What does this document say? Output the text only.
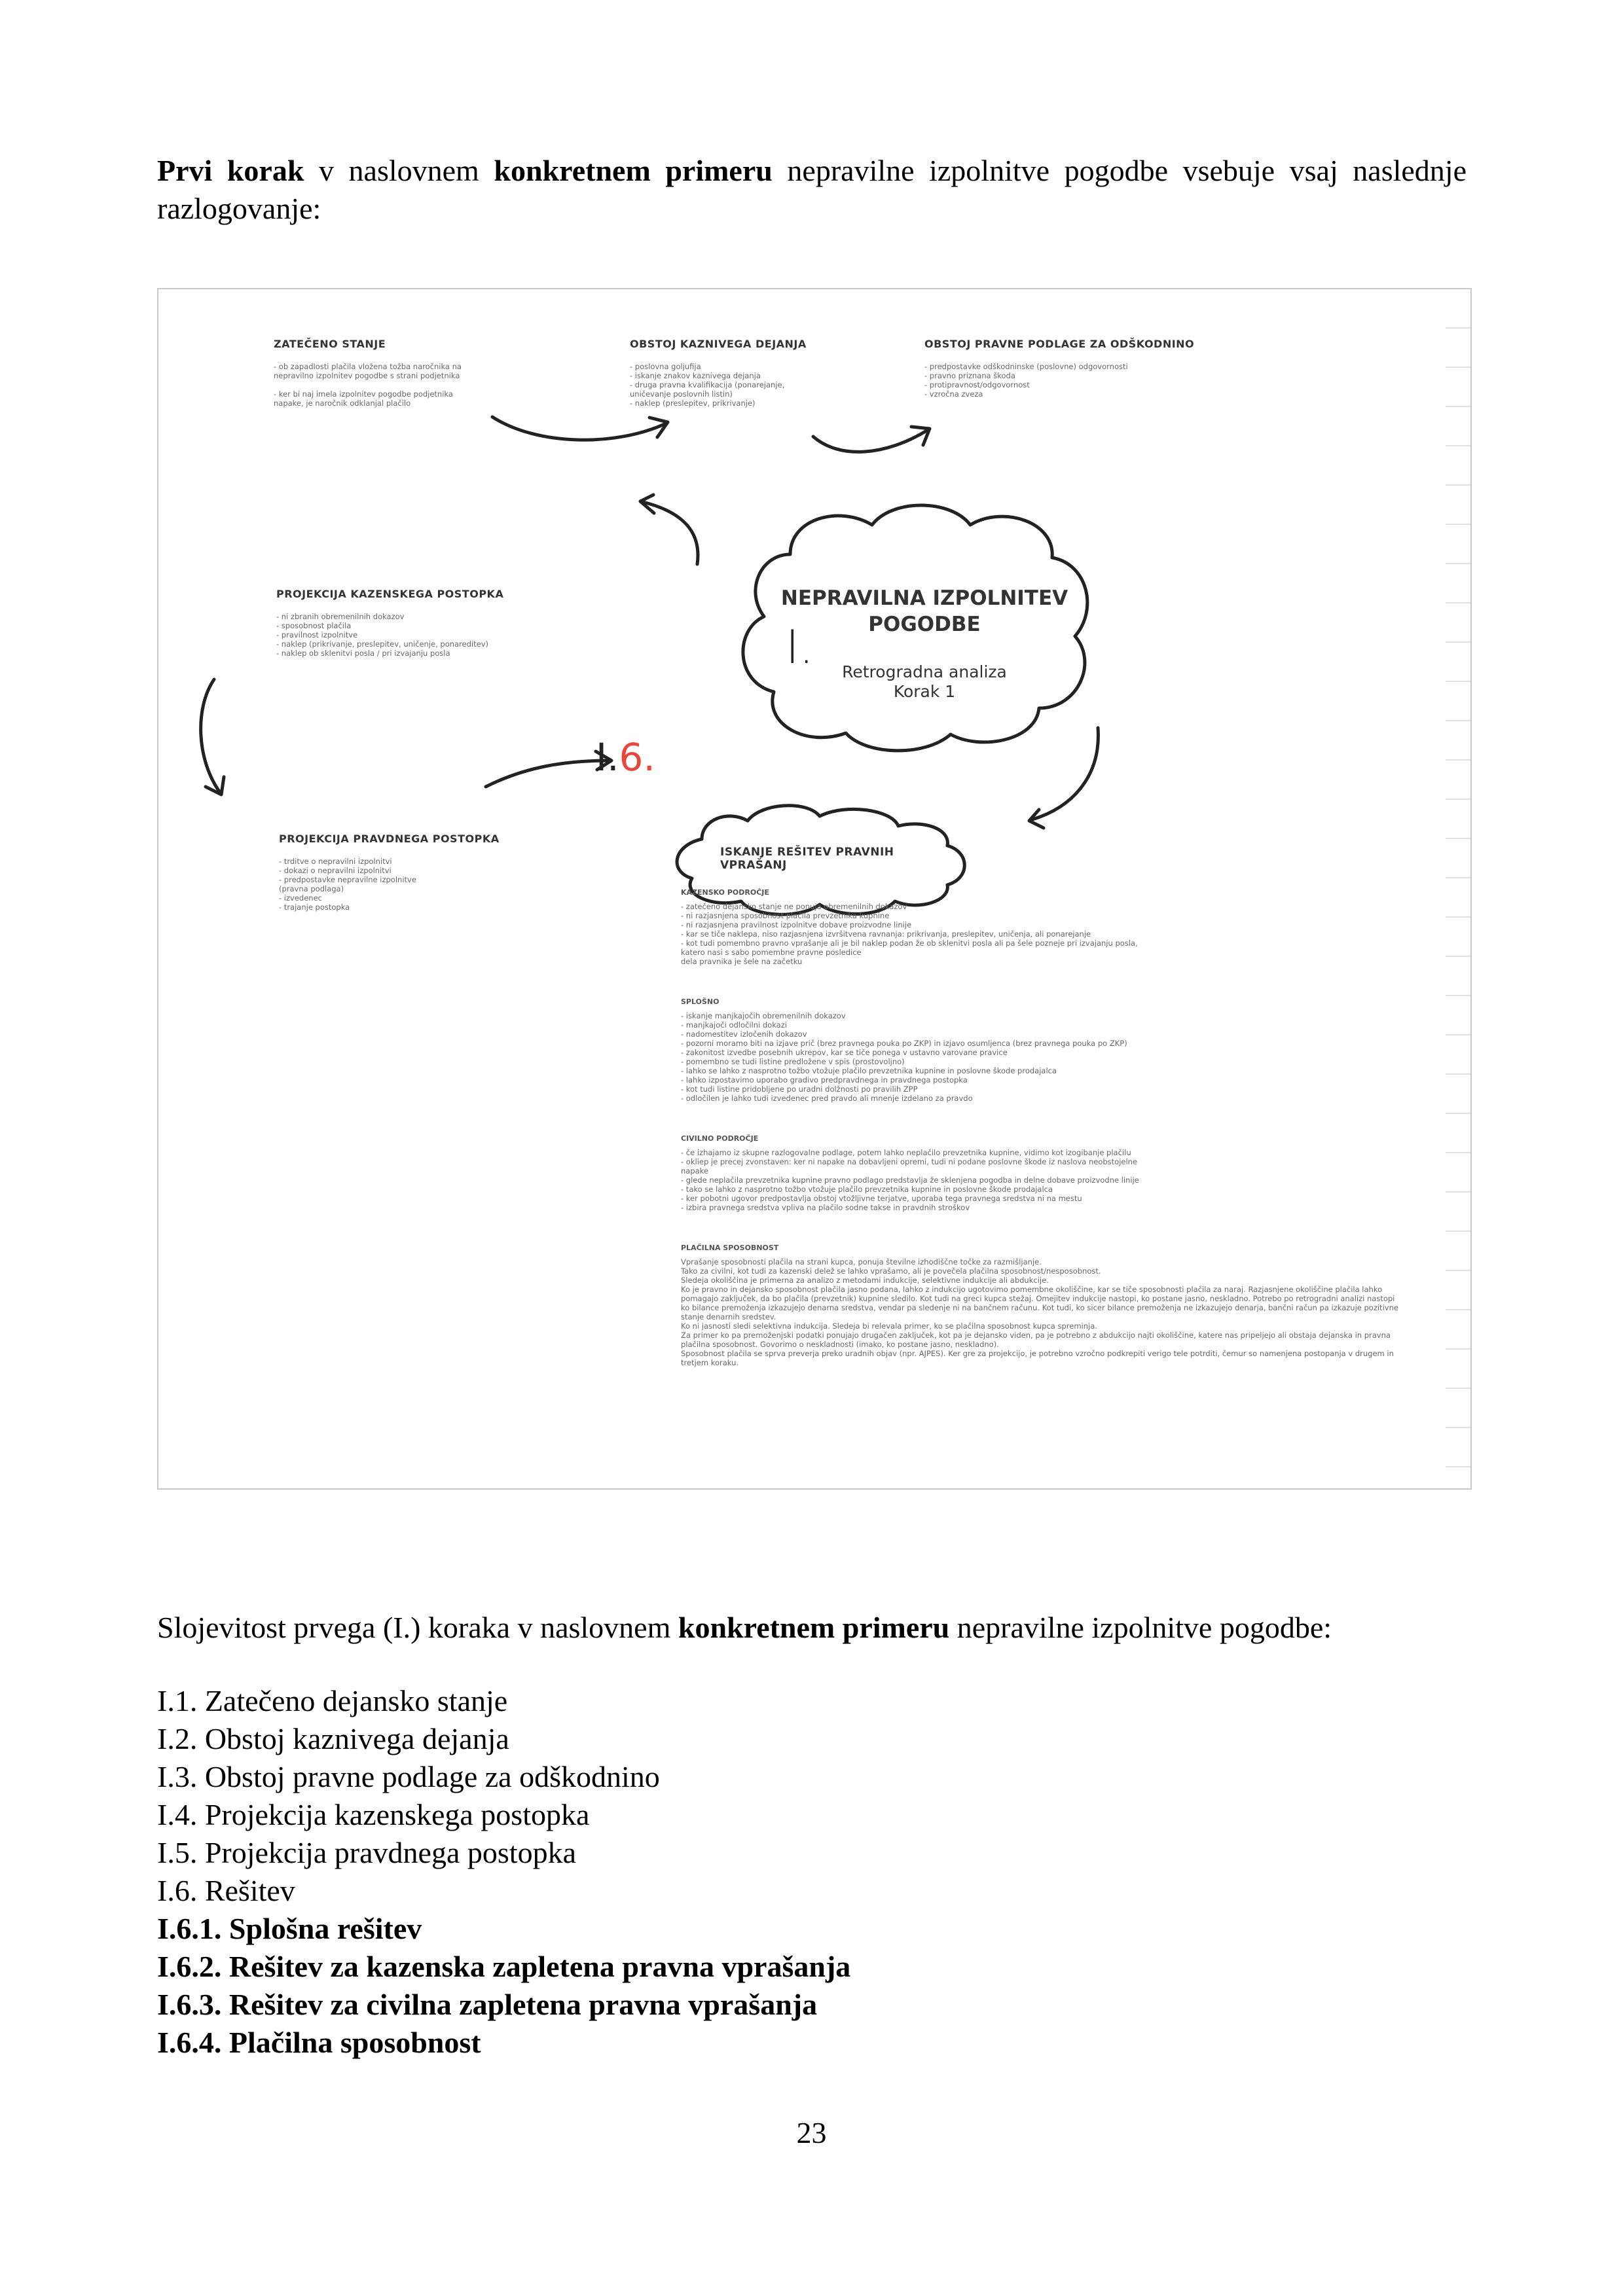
Prvi korak v naslovnem konkretnem primeru nepravilne izpolnitve pogodbe vsebuje vsaj naslednje razlogovanje:
ZATEČENO STANJE
- ob zapadlosti plačila vložena tožba naročnika na
nepravilno izpolnitev pogodbe s strani podjetnika

- ker bi naj imela izpolnitev pogodbe podjetnika
napake, je naročnik odklanjal plačilo
OBSTOJ KAZNIVEGA DEJANJA
- poslovna goljufija
- iskanje znakov kaznivega dejanja
- druga pravna kvalifikacija (ponarejanje,
uničevanje poslovnih listin)
- naklep (preslepitev, prikrivanje)
OBSTOJ PRAVNE PODLAGE ZA ODŠKODNINO
- predpostavke odškodninske (poslovne) odgovornosti
- pravno priznana škoda
- protipravnost/odgovornost
- vzročna zveza
PROJEKCIJA KAZENSKEGA POSTOPKA
- ni zbranih obremenilnih dokazov
- sposobnost plačila
- pravilnost izpolnitve
- naklep (prikrivanje, preslepitev, uničenje, ponareditev)
- naklep ob sklenitvi posla / pri izvajanju posla
PROJEKCIJA PRAVDNEGA POSTOPKA
- trditve o nepravilni izpolnitvi
- dokazi o nepravilni izpolnitvi
- predpostavke nepravilne izpolnitve
(pravna podlaga)
- izvedenec
- trajanje postopka
NEPRAVILNA IZPOLNITEV
POGODBE
Retrogradna analiza
Korak 1
I.
I.6.
ISKANJE REŠITEV PRAVNIH VPRAŠANJ
KAZENSKO PODROČJE
- zatečeno dejansko stanje ne ponuja obremenilnih dokazov
- ni razjasnjena sposobnost plačila prevzetnika kupnine
- ni razjasnjena pravilnost izpolnitve dobave proizvodne linije
- kar se tiče naklepa, niso razjasnjena izvršitvena ravnanja: prikrivanja, preslepitev, uničenja, ali ponarejanje
- kot tudi pomembno pravno vprašanje ali je bil naklep podan že ob sklenitvi posla ali pa šele pozneje pri izvajanju posla, katero nasi s sabo pomembne pravne posledice
dela pravnika je šele na začetku
SPLOŠNO
- iskanje manjkajočih obremenilnih dokazov
- manjkajoči odločilni dokazi
- nadomestitev izločenih dokazov
- pozorni moramo biti na izjave prič (brez pravnega pouka po ZKP) in izjavo osumljenca (brez pravnega pouka po ZKP)
- zakonitost izvedbe posebnih ukrepov, kar se tiče ponega v ustavno varovane pravice
- pomembno se tudi listine predložene v spis (prostovoljno)
- lahko se lahko z nasprotno tožbo vtožuje plačilo prevzetnika kupnine in poslovne škode prodajalca
- lahko izpostavimo uporabo gradivo predpravdnega in pravdnega postopka
- kot tudi listine pridobljene po uradni dolžnosti po pravilih ZPP
- odločilen je lahko tudi izvedenec pred pravdo ali mnenje izdelano za pravdo
CIVILNO PODROČJE
- če izhajamo iz skupne razlogovalne podlage, potem lahko neplačilo prevzetnika kupnine, vidimo kot izogibanje plačilu
- okliep je precej zvonstaven: ker ni napake na dobavljeni opremi, tudi ni podane poslovne škode iz naslova neobstojelne napake
- glede neplačila prevzetnika kupnine pravno podlago predstavlja že sklenjena pogodba in delne dobave proizvodne linije
- tako se lahko z nasprotno tožbo vtožuje plačilo prevzetnika kupnine in poslovne škode prodajalca
- ker pobotni ugovor predpostavlja obstoj vtožljivne terjatve, uporaba tega pravnega sredstva ni na mestu
- izbira pravnega sredstva vpliva na plačilo sodne takse in pravdnih stroškov
PLAČILNA SPOSOBNOST

Vprašanje sposobnosti plačila na strani kupca, ponuja številne izhodiščne točke za razmišljanje.

Tako za civilni, kot tudi za kazenski delež se lahko vprašamo, ali je povečela plačilna sposobnost/nesposobnost.

Sledeja okoliščina je primerna za analizo z metodami indukcije, selektivne indukcije ali abdukcije.

Ko je pravno in dejansko sposobnost plačila jasno podana, lahko z indukcijo ugotovimo pomembne okoliščine, kar se tiče sposobnosti plačila za naraj. Razjasnjene okoliščine plačila lahko

pomagajo zaključek, da bo plačila (prevzetnik) kupnine sledilo. Kot tudi na greci kupca stežaj. Omejitev indukcije nastopi, ko postane jasno, neskladno. Potrebo po retrogradni analizi nastopi

ko bilance premoženja izkazujejo denarna sredstva, vendar pa sledenje ni na bančnem računu. Kot tudi, ko sicer bilance premoženja ne izkazujejo denarja, bančni račun pa izkazuje pozitivne

stanje denarnih sredstev.

Ko ni jasnosti sledi selektivna indukcija. Sledeja bi relevala primer, ko se plačilna sposobnost kupca spreminja.

Za primer ko pa premoženjski podatki ponujajo drugačen zaključek, kot pa je dejansko viden, pa je potrebno z abdukcijo najti okoliščine, katere nas pripeljejo ali obstaja dejanska in pravna

plačilna sposobnost. Govorimo o neskladnosti (imako, ko postane jasno, neskladno).

Sposobnost plačila se sprva preverja preko uradnih objav (npr. AJPES). Ker gre za projekcijo, je potrebno vzročno podkrepiti verigo tele potrditi, čemur so namenjena postopanja v drugem in

tretjem koraku.

Slojevitost prvega (I.) koraka v naslovnem konkretnem primeru nepravilne izpolnitve pogodbe:
I.1. Zatečeno dejansko stanje
I.2. Obstoj kaznivega dejanja
I.3. Obstoj pravne podlage za odškodnino
I.4. Projekcija kazenskega postopka
I.5. Projekcija pravdnega postopka
I.6. Rešitev
I.6.1. Splošna rešitev
I.6.2. Rešitev za kazenska zapletena pravna vprašanja
I.6.3. Rešitev za civilna zapletena pravna vprašanja
I.6.4. Plačilna sposobnost
23
